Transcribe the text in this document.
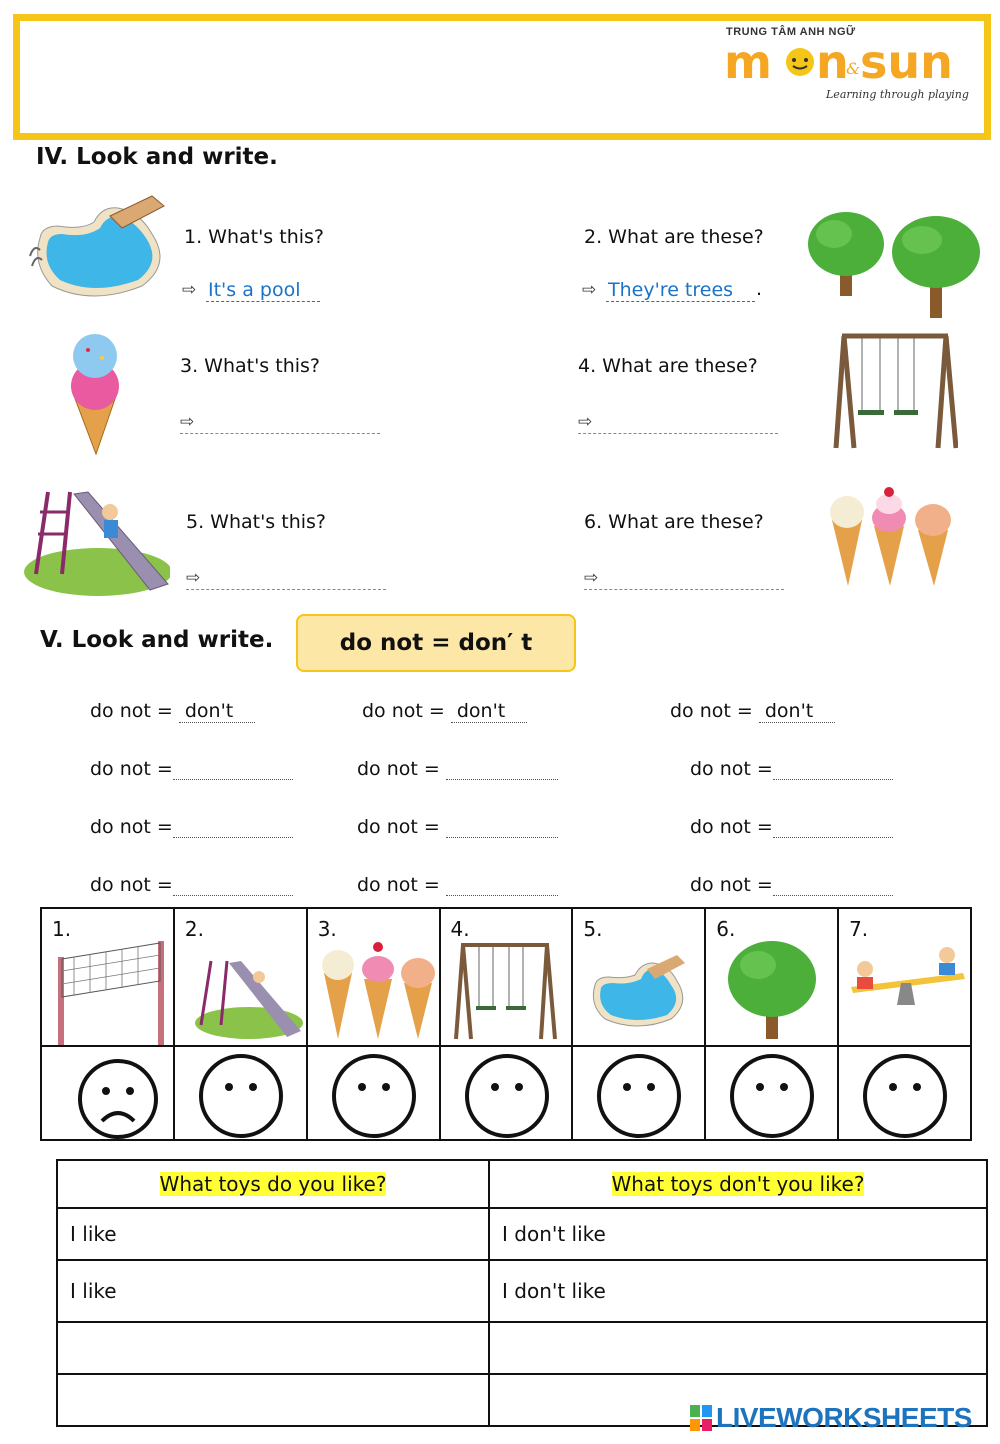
TRUNG TÂM ANH NGỮ
m n
& sun
Learning through playing
IV. Look and write.
1. What's this?
⇨ It's a pool
2. What are these?
⇨ They're trees	.
3. What's this?
⇨
4. What are these?
⇨
5. What's this?
⇨
6. What are these?
⇨
V. Look and write.	do not = don′ t
do not = don't	do not = don't	do not = don't
do not =	do not =	do not =
do not =	do not =	do not =
do not =	do not =	do not =
1.	2.	3.	4.	5.	6.	7.

What toys do you like?	What toys don't you like?
I like	I don't like
I like	I don't like

LIVEWORKSHEETS
